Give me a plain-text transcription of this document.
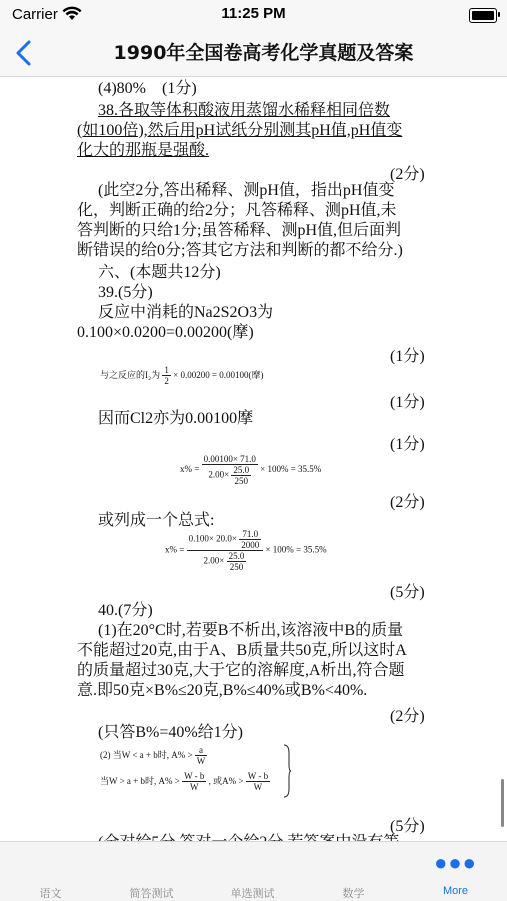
Carrier	11:25 PM
1990年全国卷高考化学真题及答案
(4)80%　(1分)
38.各取等体积酸液用蒸馏水稀释相同倍数
(如100倍),然后用pH试纸分别测其pH值,pH值变
化大的那瓶是强酸.
(2分)
(此空2分,答出稀释、测pH值，指出pH值变
化，判断正确的给2分；凡答稀释、测pH值,未
答判断的只给1分;虽答稀释、测pH值,但后面判
断错误的给0分;答其它方法和判断的都不给分.)
六、(本题共12分)
39.(5分)
反应中消耗的Na2S2O3为
0.100×0.0200=0.00200(摩)
(1分)
与之反应的I₂为 $\frac{1}{2} \times 0.00200 = 0.00100$(摩)
(1分)
因而Cl2亦为0.00100摩
(1分)
$x\% = \frac{0.00100\times 71.0}{2.00\times \frac{25.0}{250}} \times 100\% = 35.5\%$
(2分)
或列成一个总式:
$x\% = \frac{0.100\times 20.0\times \frac{71.0}{2000}}{2.00\times \frac{25.0}{250}} \times 100\% = 35.5\%$
(5分)
40.(7分)
(1)在20°C时,若要B不析出,该溶液中B的质量
不能超过20克,由于A、B质量共50克,所以这时A
的质量超过30克,大于它的溶解度,A析出,符合题
意.即50克×B%≤20克,B%≤40%或B%<40%.
(2分)
(只答B%=40%给1分)
(2) 当W < a + b时, $A\% > \frac{a}{W}$
当W > a + b时, $A\% > \frac{W - b}{W}$ , 或$A\% > \frac{W - b}{W}$
(5分)
语文	简答测试	单选测试	数学
●●●
More
